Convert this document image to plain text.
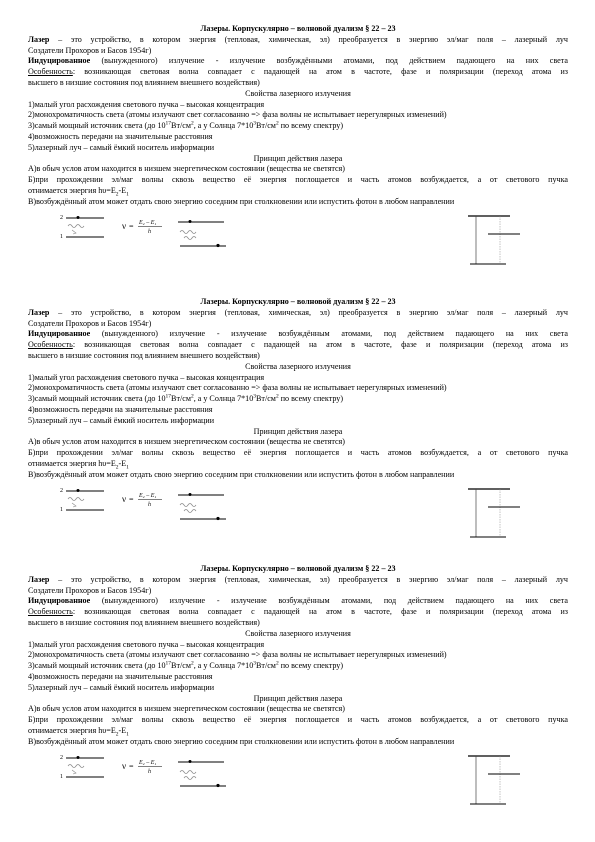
Лазеры. Корпускулярно – волновой дуализм § 22 – 23
Лазер – это устройство, в котором энергия (тепловая, химическая, эл) преобразуется в энергию эл/маг поля – лазерный луч
Создатели Прохоров и Басов 1954г)
Индуцированное (вынужденного) излучение - излучение возбуждёнными атомами, под действием падающего на них света
Особенность: возникающая световая волна совпадает с падающей на атом в частоте, фазе и поляризации (переход атома из
высшего в низшие состояния под влиянием внешнего воздействия)
Свойства лазерного излучения
1)малый угол расхождения светового пучка – высокая концентрация
2)монохроматичность света (атомы излучают свет согласованно => фаза волны не испытывает нерегулярных изменений)
3)самый мощный источник света (до $10^{17}Вт/см^2$, а у Солнца $7*10^3Вт/см^2$ по всему спектру)
4)возможность передачи на значительные расстояния
5)лазерный луч – самый ёмкий носитель информации
Принцип действия лазера
А)в обыч услов атом находится в низшем энергетическом состоянии (вещества не светятся)
Б)при прохождении эл/маг волны сквозь вещество её энергия поглощается и часть атомов возбуждается, а от светового пучка
отнимается энергия $h\upsilon=E_2-E_1$
В)возбуждённый атом может отдать свою энергию соседним при столкновении или испустить фотон в любом направлении
2
1
ν = E₂ – E₁
h
Лазеры. Корпускулярно – волновой дуализм § 22 – 23
Лазер – это устройство, в котором энергия (тепловая, химическая, эл) преобразуется в энергию эл/маг поля – лазерный луч
Создатели Прохоров и Басов 1954г)
Индуцированное (вынужденного) излучение - излучение возбуждённым атомами, под действием падающего на них света
Особенность: возникающая световая волна совпадает с падающей на атом в частоте, фазе и поляризации (переход атома из
высшего в низшие состояния под влиянием внешнего воздействия)
Свойства лазерного излучения
1)малый угол расхождения светового пучка – высокая концентрация
2)монохроматичность света (атомы излучают свет согласованно => фаза волны не испытывает нерегулярных изменений)
3)самый мощный источник света (до $10^{17}Вт/см^2$, а у Солнца $7*10^3Вт/см^2$ по всему спектру)
4)возможность передачи на значительные расстояния
5)лазерный луч – самый ёмкий носитель информации
Принцип действия лазера
А)в обыч услов атом находится в низшем энергетическом состоянии (вещества не светятся)
Б)при прохождении эл/маг волны сквозь вещество её энергия поглощается и часть атомов возбуждается, а от светового пучка
отнимается энергия $h\upsilon=E_2-E_1$
В)возбуждённый атом может отдать свою энергию соседним при столкновении или испустить фотон в любом направлении
2
1
ν = E₂ – E₁
h
Лазеры. Корпускулярно – волновой дуализм § 22 – 23
Лазер – это устройство, в котором энергия (тепловая, химическая, эл) преобразуется в энергию эл/маг поля – лазерный луч
Создатели Прохоров и Басов 1954г)
Индуцированное (вынужденного) излучение - излучение возбуждённым атомами, под действием падающего на них света
Особенность: возникающая световая волна совпадает с падающей на атом в частоте, фазе и поляризации (переход атома из
высшего в низшие состояния под влиянием внешнего воздействия)
Свойства лазерного излучения
1)малый угол расхождения светового пучка – высокая концентрация
2)монохроматичность света (атомы излучают свет согласованно => фаза волны не испытывает нерегулярных изменений)
3)самый мощный источник света (до $10^{17}Вт/см^2$, а у Солнца $7*10^3Вт/см^2$ по всему спектру)
4)возможность передачи на значительные расстояния
5)лазерный луч – самый ёмкий носитель информации
Принцип действия лазера
А)в обыч услов атом находится в низшем энергетическом состоянии (вещества не светятся)
Б)при прохождении эл/маг волны сквозь вещество её энергия поглощается и часть атомов возбуждается, а от светового пучка
отнимается энергия $h\upsilon=E_2-E_1$
В)возбуждённый атом может отдать свою энергию соседним при столкновении или испустить фотон в любом направлении
2
1
ν = E₂ – E₁
h
